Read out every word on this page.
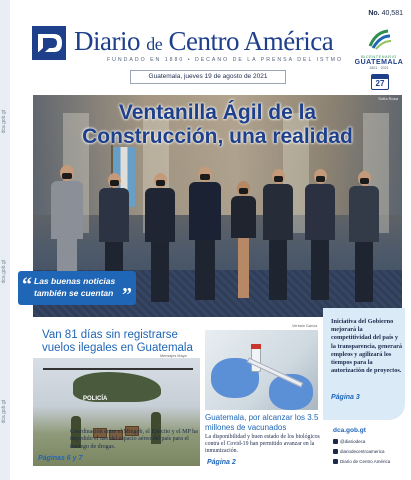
dca.gob.gt
dca.gob.gt
dca.gob.gt
Diario de Centro América
FUNDADO EN 1880 • DECANO DE LA PRENSA DEL ISTMO
No. 40,581
BICENTENARIO
GUATEMALA
1821 · 2021
Guatemala, jueves 19 de agosto de 2021
27
Sofía Rosa
Ventanilla Ágil de la
Construcción, una realidad
“ Las buenas noticias
también se cuentan ”
Iniciativa del Gobierno mejorará la competitividad del país y la transparencia, generará empleos y agilizará los tiempos para la autorización de proyectos.
Página 3
Van 81 días sin registrarse vuelos ilegales en Guatemala
Mensajes Maya
POLICÍA
Coordinación entre el Mingob, el Ejército y el MP ha impedido el uso del espacio aéreo del país para el trasiego de drogas.
Páginas 6 y 7
Verbain García
Guatemala, por alcanzar los 3.5 millones de vacunados
La disponibilidad y buen estado de los biológicos contra el Covid-19 han permitido avanzar en la inmunización.
Página 2
dca.gob.gt
@diariodeca
diariodecentroamerica
Diario de Centro América
